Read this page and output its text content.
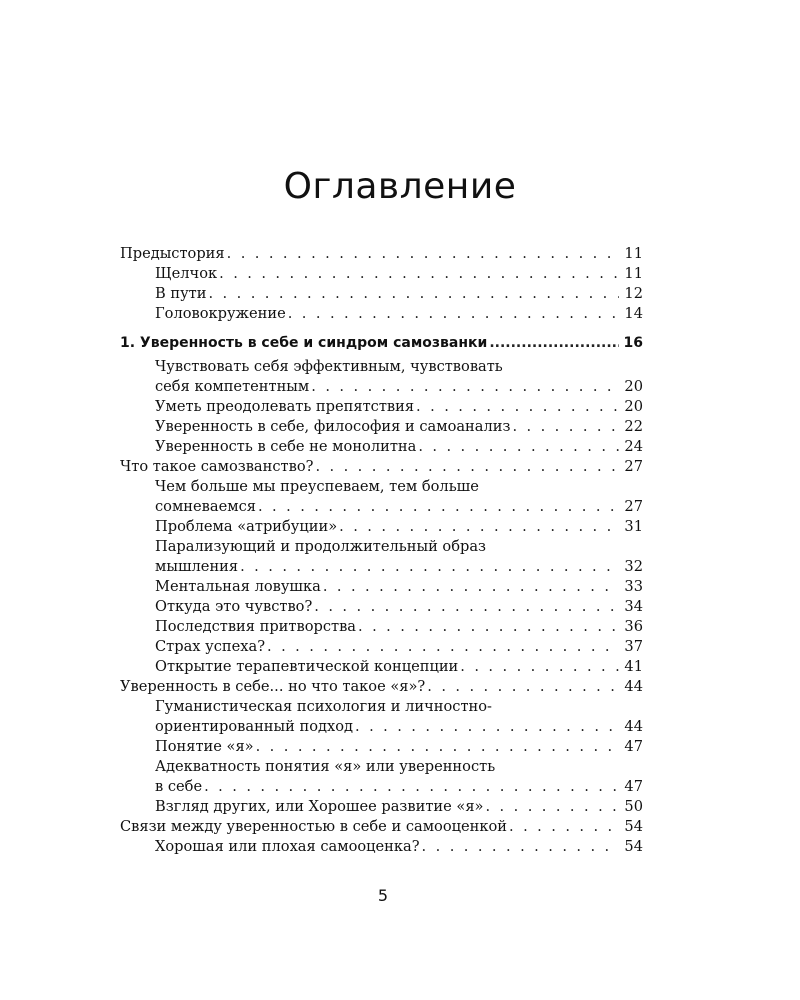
Оглавление
Предыстория . . .	11
Щелчок . . .	11
В пути . . .	12
Головокружение . . .	14
1. Уверенность в себе и синдром самозванки .....	16
Чувствовать себя эффективным, чувствовать
себя компетентным . . .	20
Уметь преодолевать препятствия . . .	20
Уверенность в себе, философия и самоанализ . . .	22
Уверенность в себе не монолитна . . .	24
Что такое самозванство? . . .	27
Чем больше мы преуспеваем, тем больше
сомневаемся . . .	27
Проблема «атрибуции» . . .	31
Парализующий и продолжительный образ
мышления . . .	32
Ментальная ловушка . . .	33
Откуда это чувство? . . .	34
Последствия притворства . . .	36
Страх успеха? . . .	37
Открытие терапевтической концепции . . .	41
Уверенность в себе... но что такое «я»? . . .	44
Гуманистическая психология и личностно-
ориентированный подход . . .	44
Понятие «я» . . .	47
Адекватность понятия «я» или уверенность
в себе . . .	47
Взгляд других, или Хорошее развитие «я» . . .	50
Связи между уверенностью в себе и самооценкой . . .	54
Хорошая или плохая самооценка? . . .	54
5
